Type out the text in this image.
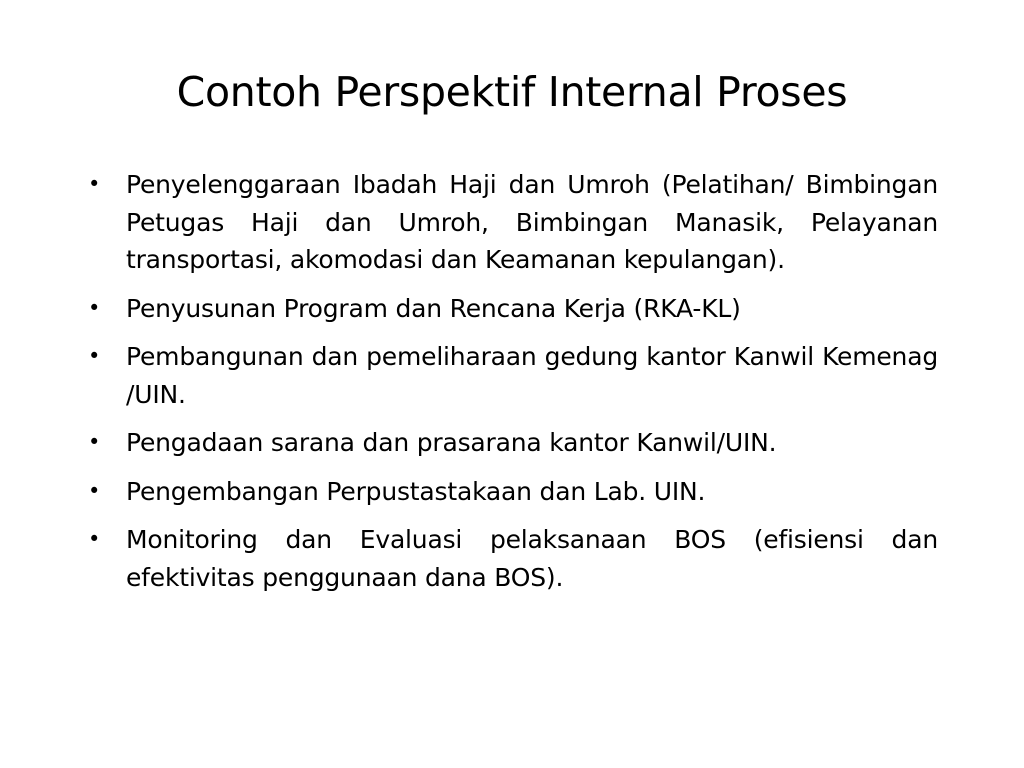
Contoh Perspektif Internal Proses
•	Penyelenggaraan Ibadah Haji dan Umroh (Pelatihan/ Bimbingan Petugas Haji dan Umroh, Bimbingan Manasik, Pelayanan transportasi, akomodasi dan Keamanan kepulangan).
•	Penyusunan Program dan Rencana Kerja (RKA-KL)
•	Pembangunan dan pemeliharaan gedung kantor Kanwil Kemenag /UIN.
•	Pengadaan sarana dan prasarana kantor Kanwil/UIN.
•	Pengembangan Perpustastakaan dan Lab. UIN.
•	Monitoring dan Evaluasi pelaksanaan BOS (efisiensi dan efektivitas penggunaan dana BOS).
